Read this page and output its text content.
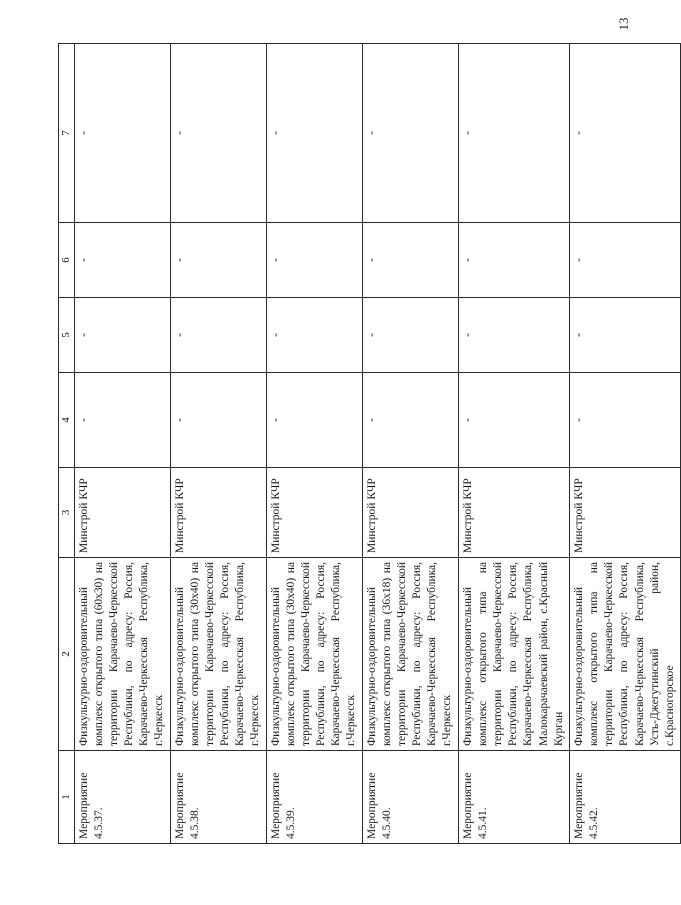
13
1	2	3	4	5	6	7
Мероприятие 4.5.37.	Физкультурно-оздоровительный комплекс открытого типа (60х30) на территории Карачаево-Черкесской Республики, по адресу: Россия, Карачаево-Черкесская Республика, г.Черкесск	Минстрой КЧР	-	-	-	-
Мероприятие 4.5.38.	Физкультурно-оздоровительный комплекс открытого типа (30х40) на территории Карачаево-Черкесской Республики, по адресу: Россия, Карачаево-Черкесская Республика, г.Черкесск	Минстрой КЧР	-	-	-	-
Мероприятие 4.5.39.	Физкультурно-оздоровительный комплекс открытого типа (30х40) на территории Карачаево-Черкесской Республики, по адресу: Россия, Карачаево-Черкесская Республика, г.Черкесск	Минстрой КЧР	-	-	-	-
Мероприятие 4.5.40.	Физкультурно-оздоровительный комплекс открытого типа (36х18) на территории Карачаево-Черкесской Республики, по адресу: Россия, Карачаево-Черкесская Республика, г.Черкесск	Минстрой КЧР	-	-	-	-
Мероприятие 4.5.41.	Физкультурно-оздоровительный комплекс открытого типа на территории Карачаево-Черкесской Республики, по адресу: Россия, Карачаево-Черкесская Республика, Малокарачаевский район, с.Красный Курган	Минстрой КЧР	-	-	-	-
Мероприятие 4.5.42.	Физкультурно-оздоровительный комплекс открытого типа на территории Карачаево-Черкесской Республики, по адресу: Россия, Карачаево-Черкесская Республика, Усть-Джегутинский район, с.Красногорское	Минстрой КЧР	-	-	-	-
